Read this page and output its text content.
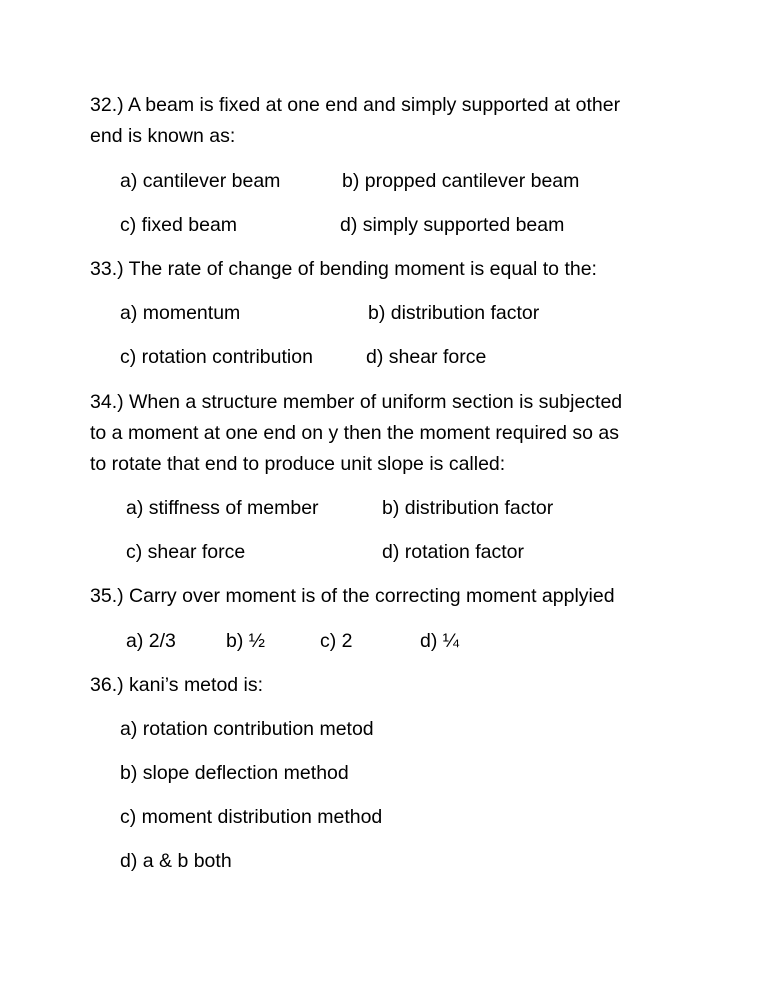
32.) A beam is fixed at one end and simply supported at other
end is known as:
a) cantilever beam	b) propped cantilever beam
c) fixed beam	d) simply supported beam
33.) The rate of change of bending moment is equal to the:
a) momentum	b) distribution factor
c) rotation contribution	d) shear force
34.) When a structure member of uniform section is subjected
to a moment at one end on y then the moment required so as
to rotate that end to produce unit slope is called:
a) stiffness of member	b) distribution factor
c) shear force	d) rotation factor
35.) Carry over moment is of the correcting moment applyied
a) 2/3	b) ½	c) 2	d) ¼
36.) kani’s metod is:
a) rotation contribution metod
b) slope deflection method
c) moment distribution method
d) a & b both
